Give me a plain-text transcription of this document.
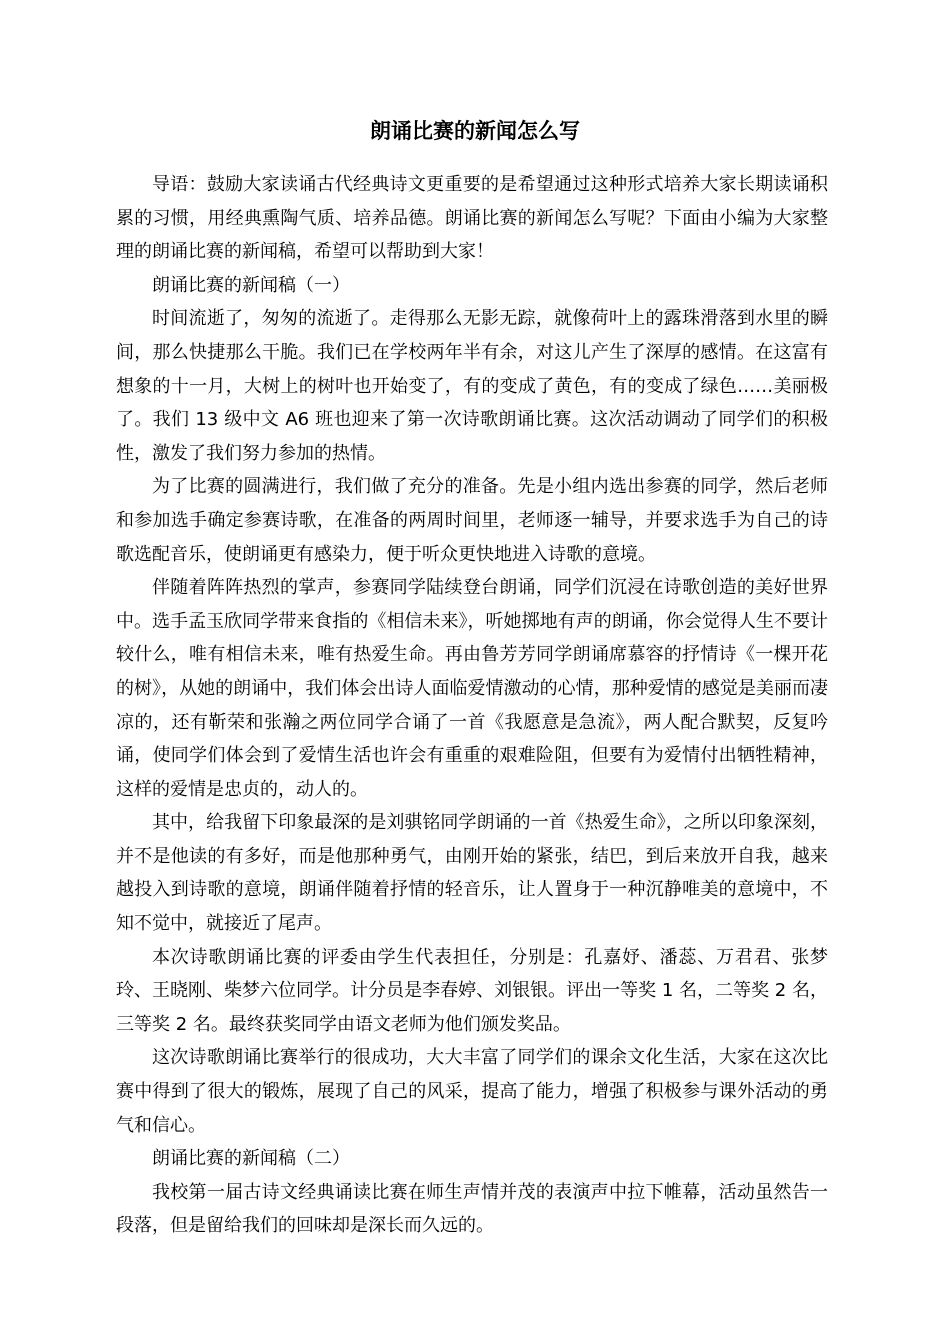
朗诵比赛的新闻怎么写

导语：鼓励大家读诵古代经典诗文更重要的是希望通过这种形式培养大家长期读诵积累的习惯，用经典熏陶气质、培养品德。朗诵比赛的新闻怎么写呢？下面由小编为大家整理的朗诵比赛的新闻稿，希望可以帮助到大家！

朗诵比赛的新闻稿（一）

时间流逝了，匆匆的流逝了。走得那么无影无踪，就像荷叶上的露珠滑落到水里的瞬间，那么快捷那么干脆。我们已在学校两年半有余，对这儿产生了深厚的感情。在这富有想象的十一月，大树上的树叶也开始变了，有的变成了黄色，有的变成了绿色……美丽极了。我们 13 级中文 A6 班也迎来了第一次诗歌朗诵比赛。这次活动调动了同学们的积极性，激发了我们努力参加的热情。

为了比赛的圆满进行，我们做了充分的准备。先是小组内选出参赛的同学，然后老师和参加选手确定参赛诗歌，在准备的两周时间里，老师逐一辅导，并要求选手为自己的诗歌选配音乐，使朗诵更有感染力，便于听众更快地进入诗歌的意境。

伴随着阵阵热烈的掌声，参赛同学陆续登台朗诵，同学们沉浸在诗歌创造的美好世界中。选手孟玉欣同学带来食指的《相信未来》，听她掷地有声的朗诵，你会觉得人生不要计较什么，唯有相信未来，唯有热爱生命。再由鲁芳芳同学朗诵席慕容的抒情诗《一棵开花的树》，从她的朗诵中，我们体会出诗人面临爱情激动的心情，那种爱情的感觉是美丽而凄凉的，还有靳荣和张瀚之两位同学合诵了一首《我愿意是急流》，两人配合默契，反复吟诵，使同学们体会到了爱情生活也许会有重重的艰难险阻，但要有为爱情付出牺牲精神，这样的爱情是忠贞的，动人的。

其中，给我留下印象最深的是刘骐铭同学朗诵的一首《热爱生命》，之所以印象深刻，并不是他读的有多好，而是他那种勇气，由刚开始的紧张，结巴，到后来放开自我，越来越投入到诗歌的意境，朗诵伴随着抒情的轻音乐，让人置身于一种沉静唯美的意境中，不知不觉中，就接近了尾声。

本次诗歌朗诵比赛的评委由学生代表担任，分别是：孔嘉妤、潘蕊、万君君、张梦玲、王晓刚、柴梦六位同学。计分员是李春婷、刘银银。评出一等奖 1 名，二等奖 2 名，三等奖 2 名。最终获奖同学由语文老师为他们颁发奖品。

这次诗歌朗诵比赛举行的很成功，大大丰富了同学们的课余文化生活，大家在这次比赛中得到了很大的锻炼，展现了自己的风采，提高了能力，增强了积极参与课外活动的勇气和信心。

朗诵比赛的新闻稿（二）

我校第一届古诗文经典诵读比赛在师生声情并茂的表演声中拉下帷幕，活动虽然告一段落，但是留给我们的回味却是深长而久远的。
